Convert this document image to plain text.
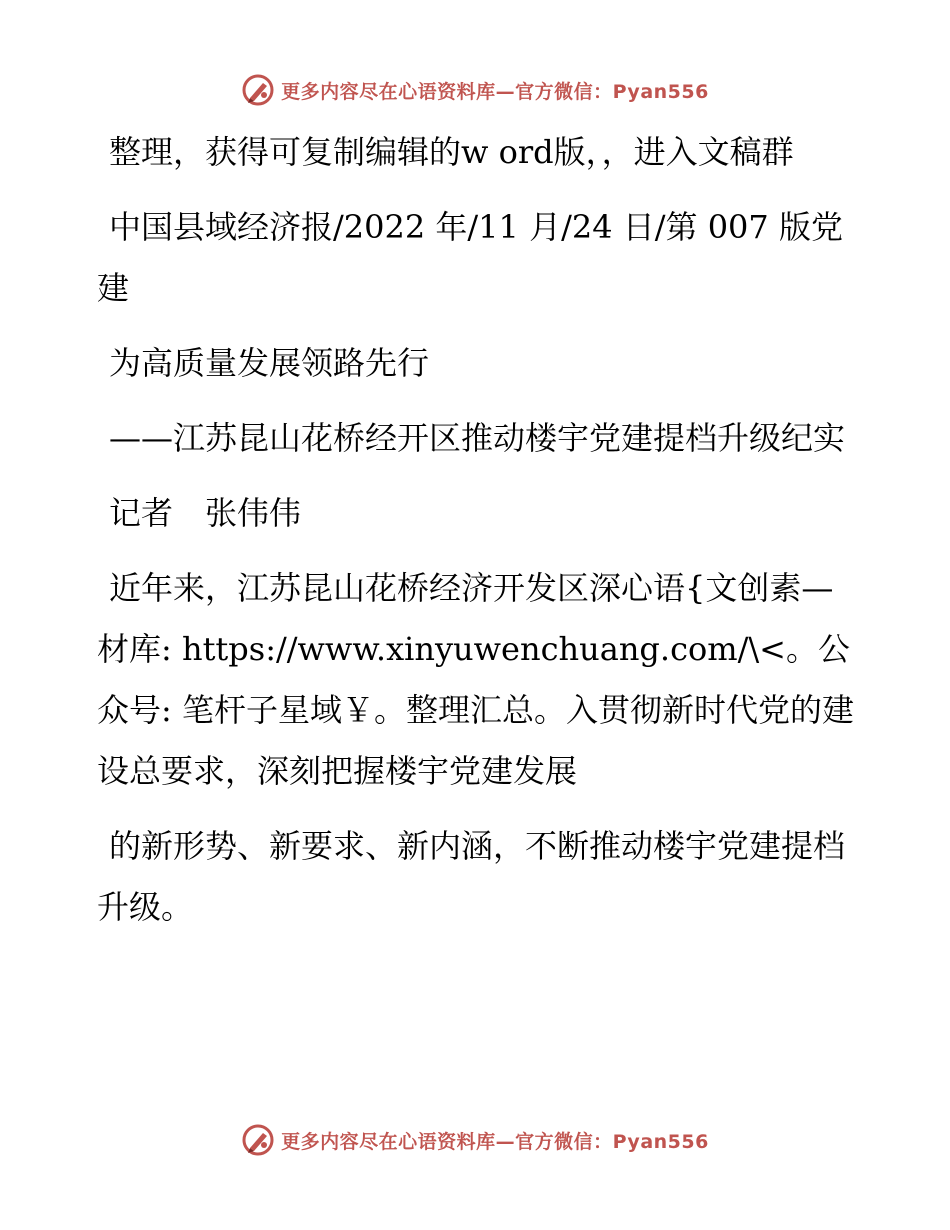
更多内容尽在心语资料库—官方微信：Pyan556

整理，获得可复制编辑的w ord版，，进入文稿群

中国县域经济报/2022 年/11 月/24 日/第 007 版党建

为高质量发展领路先行

——江苏昆山花桥经开区推动楼宇党建提档升级纪实

记者　张伟伟

近年来，江苏昆山花桥经济开发区深心语{文创素—材库: https://www.xinyuwenchuang.com/\<。公众号: 笔杆子星域￥。整理汇总。入贯彻新时代党的建设总要求，深刻把握楼宇党建发展

的新形势、新要求、新内涵，不断推动楼宇党建提档升级。

更多内容尽在心语资料库—官方微信：Pyan556
